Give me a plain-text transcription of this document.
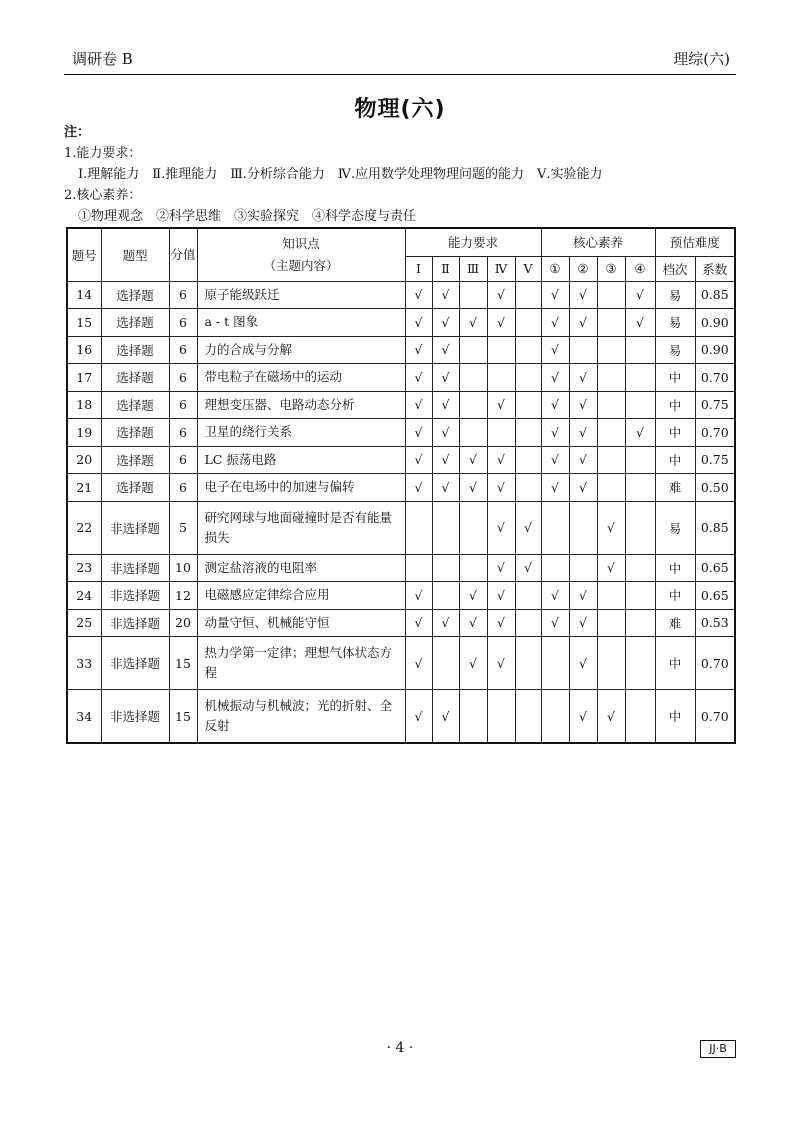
调研卷 B	理综(六)
物理(六)
注：
1.能力要求：
Ⅰ.理解能力　Ⅱ.推理能力　Ⅲ.分析综合能力　Ⅳ.应用数学处理物理问题的能力　Ⅴ.实验能力
2.核心素养：
①物理观念　②科学思维　③实验探究　④科学态度与责任
题号	题型	分值	知识点
（主题内容）	能力要求					核心素养				预估难度	
				Ⅰ	Ⅱ	Ⅲ	Ⅳ	Ⅴ	①	②	③	④	档次	系数
14	选择题	6	原子能级跃迁	√	√		√		√	√		√	易	0.85
15	选择题	6	a - t 图象	√	√	√	√		√	√		√	易	0.90
16	选择题	6	力的合成与分解	√	√				√				易	0.90
17	选择题	6	带电粒子在磁场中的运动	√	√				√	√			中	0.70
18	选择题	6	理想变压器、电路动态分析	√	√		√		√	√			中	0.75
19	选择题	6	卫星的绕行关系	√	√				√	√		√	中	0.70
20	选择题	6	LC 振荡电路	√	√	√	√		√	√			中	0.75
21	选择题	6	电子在电场中的加速与偏转	√	√	√	√		√	√			难	0.50
22	非选择题	5	研究网球与地面碰撞时是否有能量损失				√	√			√		易	0.85
23	非选择题	10	测定盐溶液的电阻率				√	√			√		中	0.65
24	非选择题	12	电磁感应定律综合应用	√		√	√		√	√			中	0.65
25	非选择题	20	动量守恒、机械能守恒	√	√	√	√		√	√			难	0.53
33	非选择题	15	热力学第一定律；理想气体状态方程	√		√	√			√			中	0.70
34	非选择题	15	机械振动与机械波；光的折射、全反射	√	√					√	√		中	0.70
· 4 ·	JJ·B
